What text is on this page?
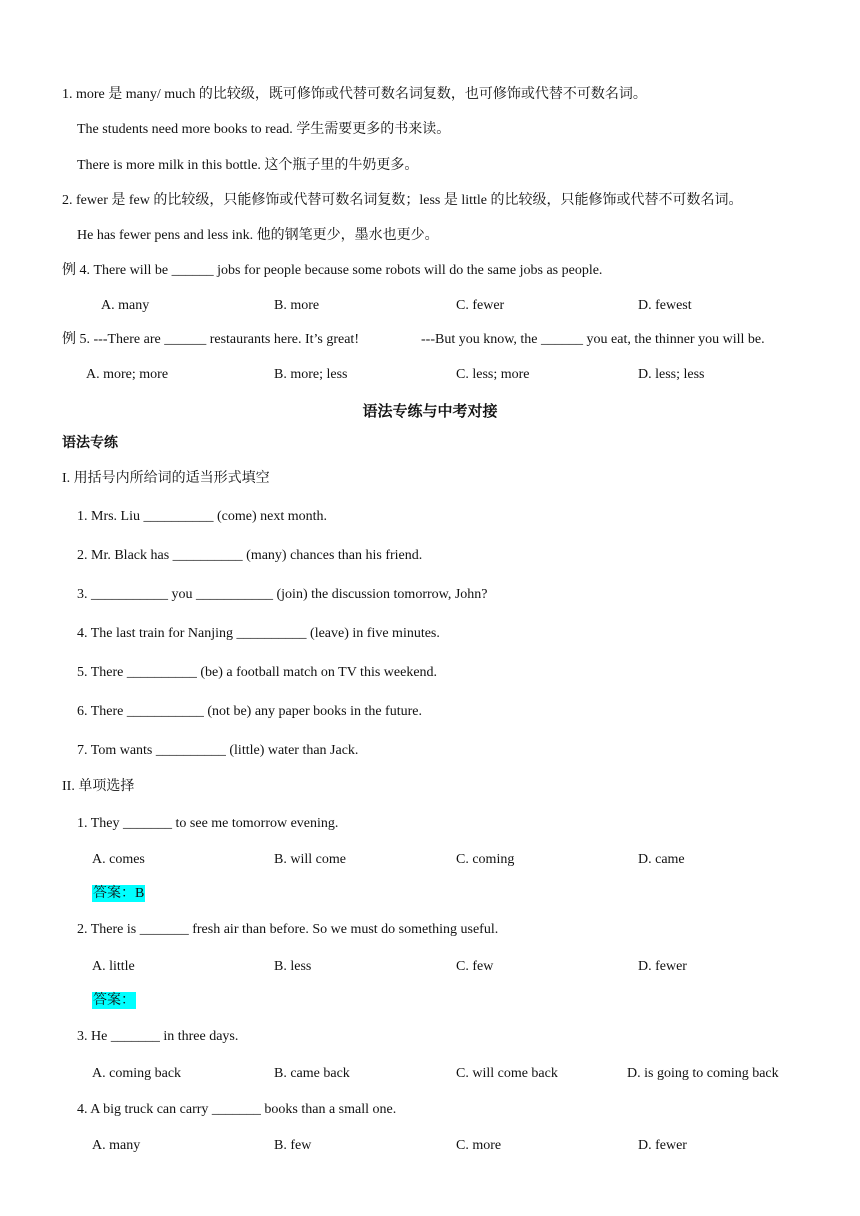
1. more 是 many/ much 的比较级，既可修饰或代替可数名词复数，也可修饰或代替不可数名词。
The students need more books to read. 学生需要更多的书来读。
There is more milk in this bottle. 这个瓶子里的牛奶更多。
2. fewer 是 few 的比较级，只能修饰或代替可数名词复数；less 是 little 的比较级，只能修饰或代替不可数名词。
He has fewer pens and less ink. 他的钢笔更少，墨水也更少。
例 4. There will be ______ jobs for people because some robots will do the same jobs as people.
A. many	B. more	C. fewer	D. fewest
例 5. ---There are ______ restaurants here. It’s great!	---But you know, the ______ you eat, the thinner you will be.
A. more; more	B. more; less	C. less; more	D. less; less
语法专练与中考对接
语法专练
I. 用括号内所给词的适当形式填空
1. Mrs. Liu __________ (come) next month.
2. Mr. Black has __________ (many) chances than his friend.
3. ___________ you ___________ (join) the discussion tomorrow, John?
4. The last train for Nanjing __________ (leave) in five minutes.
5. There __________ (be) a football match on TV this weekend.
6. There ___________ (not be) any paper books in the future.
7. Tom wants __________ (little) water than Jack.
II. 单项选择
1. They _______ to see me tomorrow evening.
A. comes	B. will come	C. coming	D. came
答案：B
2. There is _______ fresh air than before. So we must do something useful.
A. little	B. less	C. few	D. fewer
答案：
3. He _______ in three days.
A. coming back	B. came back	C. will come back	D. is going to coming back
4. A big truck can carry _______ books than a small one.
A. many	B. few	C. more	D. fewer
